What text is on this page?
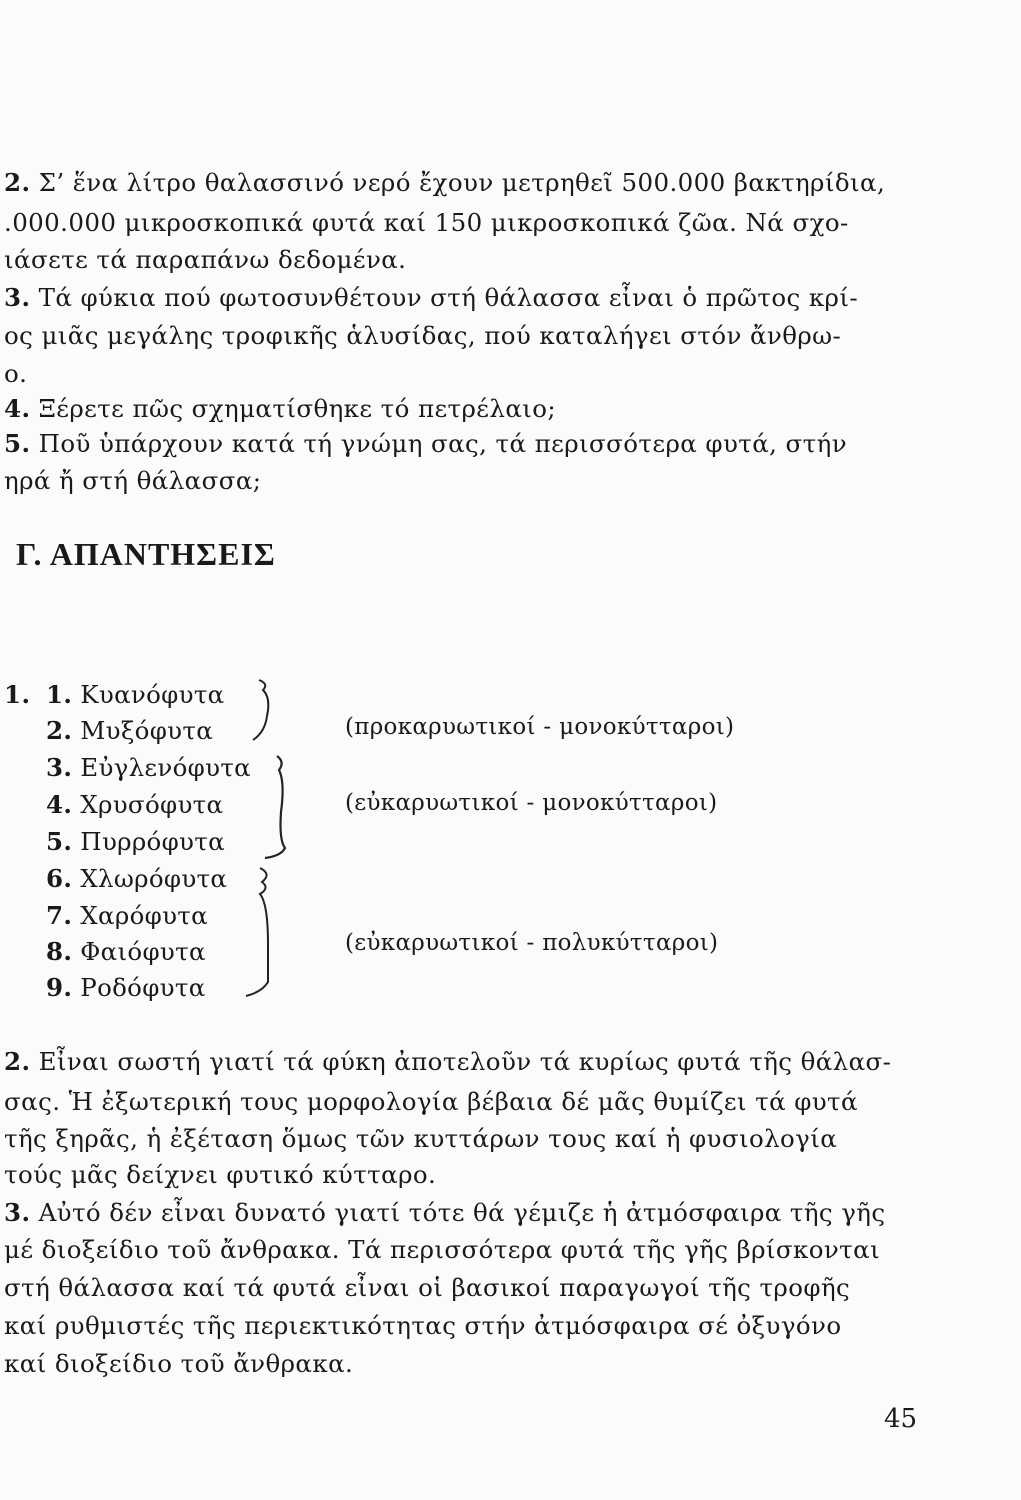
2. Σ’ ἕνα λίτρο θαλασσινό νερό ἔχουν μετρηθεῖ 500.000 βακτηρίδια,
.000.000 μικροσκοπικά φυτά καί 150 μικροσκοπικά ζῶα. Νά σχο-
ιάσετε τά παραπάνω δεδομένα.
3. Τά φύκια πού φωτοσυνθέτουν στή θάλασσα εἶναι ὁ πρῶτος κρί-
ος μιᾶς μεγάλης τροφικῆς ἁλυσίδας, πού καταλήγει στόν ἄνθρω-
ο.
4. Ξέρετε πῶς σχηματίσθηκε τό πετρέλαιο;
5. Ποῦ ὑπάρχουν κατά τή γνώμη σας, τά περισσότερα φυτά, στήν
ηρά ἤ στή θάλασσα;
Γ. ΑΠΑΝΤΗΣΕΙΣ
1. 1. Κυανόφυτα
2. Μυξόφυτα
3. Εὐγλενόφυτα
4. Χρυσόφυτα
5. Πυρρόφυτα
6. Χλωρόφυτα
7. Χαρόφυτα
8. Φαιόφυτα
9. Ροδόφυτα
(προκαρυωτικοί - μονοκύτταροι)
(εὐκαρυωτικοί - μονοκύτταροι)
(εὐκαρυωτικοί - πολυκύτταροι)
2. Εἶναι σωστή γιατί τά φύκη ἀποτελοῦν τά κυρίως φυτά τῆς θάλασ-
σας. Ἡ ἐξωτερική τους μορφολογία βέβαια δέ μᾶς θυμίζει τά φυτά
τῆς ξηρᾶς, ἡ ἐξέταση ὅμως τῶν κυττάρων τους καί ἡ φυσιολογία
τούς μᾶς δείχνει φυτικό κύτταρο.
3. Αὐτό δέν εἶναι δυνατό γιατί τότε θά γέμιζε ἡ ἀτμόσφαιρα τῆς γῆς
μέ διοξείδιο τοῦ ἄνθρακα. Τά περισσότερα φυτά τῆς γῆς βρίσκονται
στή θάλασσα καί τά φυτά εἶναι οἱ βασικοί παραγωγοί τῆς τροφῆς
καί ρυθμιστές τῆς περιεκτικότητας στήν ἀτμόσφαιρα σέ ὀξυγόνο
καί διοξείδιο τοῦ ἄνθρακα.
45
